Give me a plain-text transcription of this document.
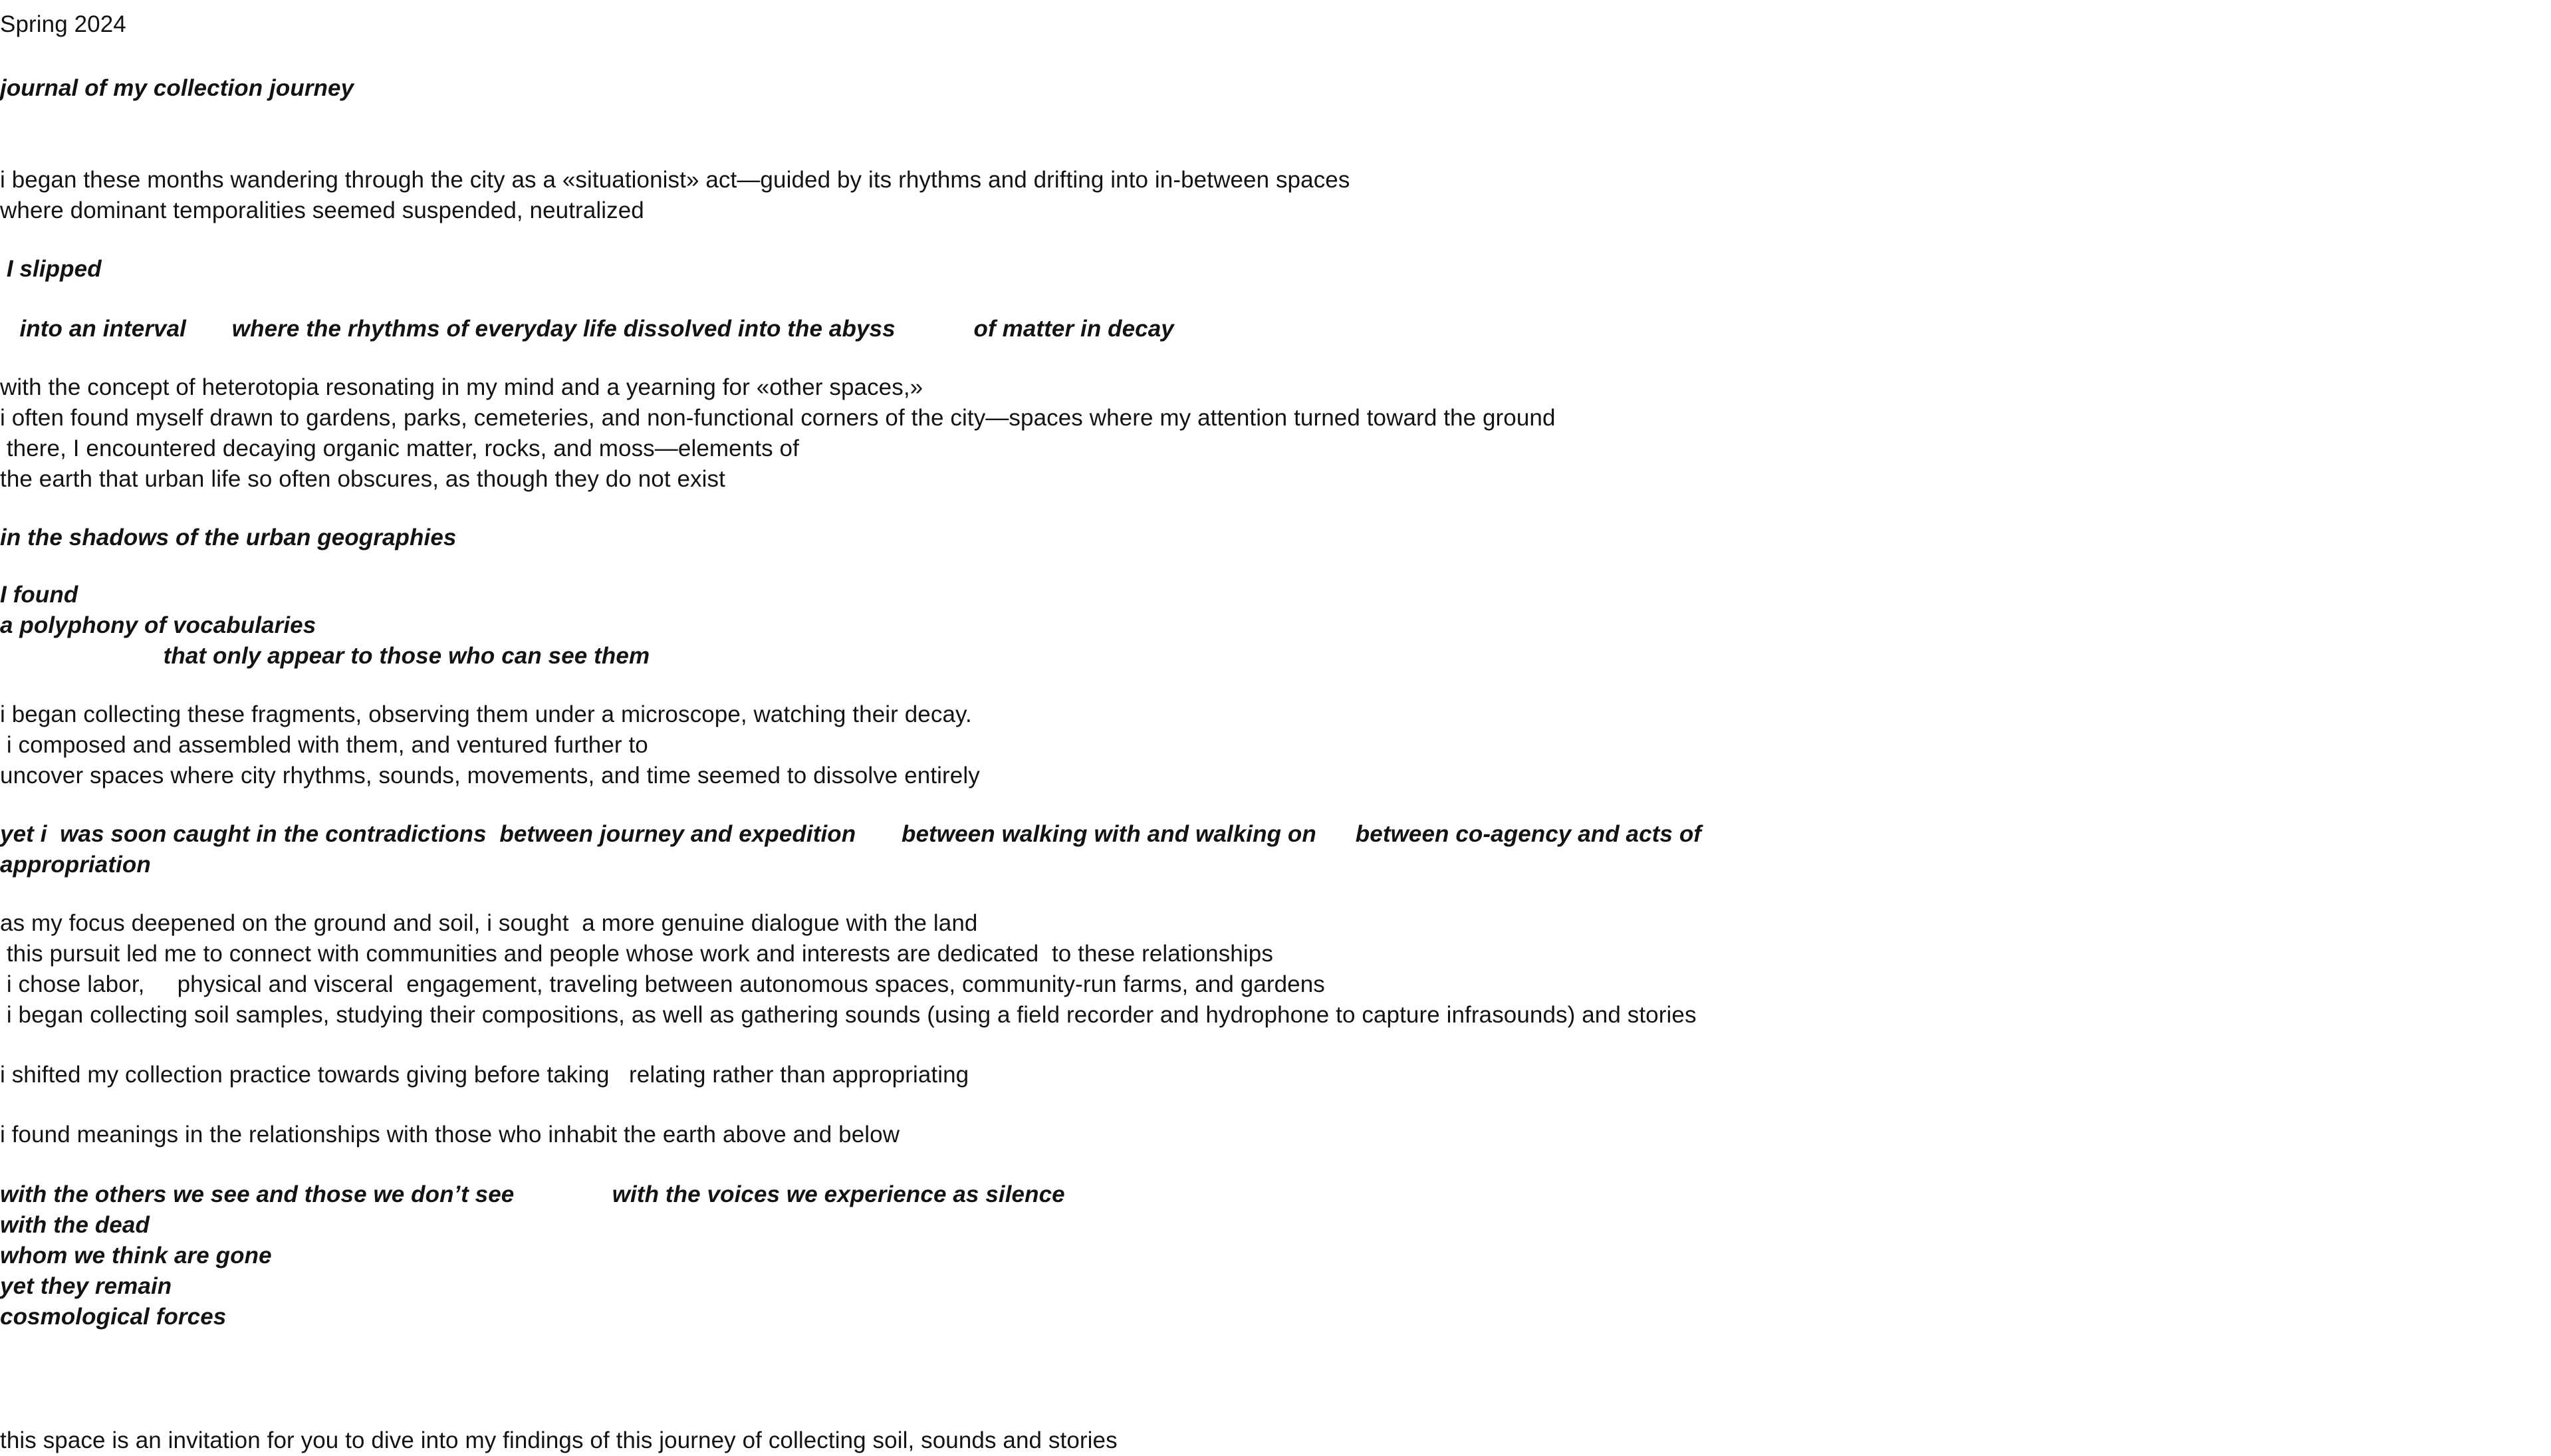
Spring 2024
journal of my collection journey
i began these months wandering through the city as a «situationist» act—guided by its rhythms and drifting into in-between spaces
where dominant temporalities seemed suspended, neutralized
I slipped
into an interval       where the rhythms of everyday life dissolved into the abyss            of matter in decay
with the concept of heterotopia resonating in my mind and a yearning for «other spaces,»
i often found myself drawn to gardens, parks, cemeteries, and non-functional corners of the city—spaces where my attention turned toward the ground
there, I encountered decaying organic matter, rocks, and moss—elements of
the earth that urban life so often obscures, as though they do not exist
in the shadows of the urban geographies
I found
a polyphony of vocabularies
that only appear to those who can see them
i began collecting these fragments, observing them under a microscope, watching their decay.
i composed and assembled with them, and ventured further to
uncover spaces where city rhythms, sounds, movements, and time seemed to dissolve entirely
yet i  was soon caught in the contradictions  between journey and expedition       between walking with and walking on      between co-agency and acts of
appropriation
as my focus deepened on the ground and soil, i sought  a more genuine dialogue with the land
this pursuit led me to connect with communities and people whose work and interests are dedicated  to these relationships
i chose labor,     physical and visceral  engagement, traveling between autonomous spaces, community-run farms, and gardens
i began collecting soil samples, studying their compositions, as well as gathering sounds (using a field recorder and hydrophone to capture infrasounds) and stories
i shifted my collection practice towards giving before taking   relating rather than appropriating
i found meanings in the relationships with those who inhabit the earth above and below
with the others we see and those we don’t see               with the voices we experience as silence
with the dead
whom we think are gone
yet they remain
cosmological forces
this space is an invitation for you to dive into my findings of this journey of collecting soil, sounds and stories
